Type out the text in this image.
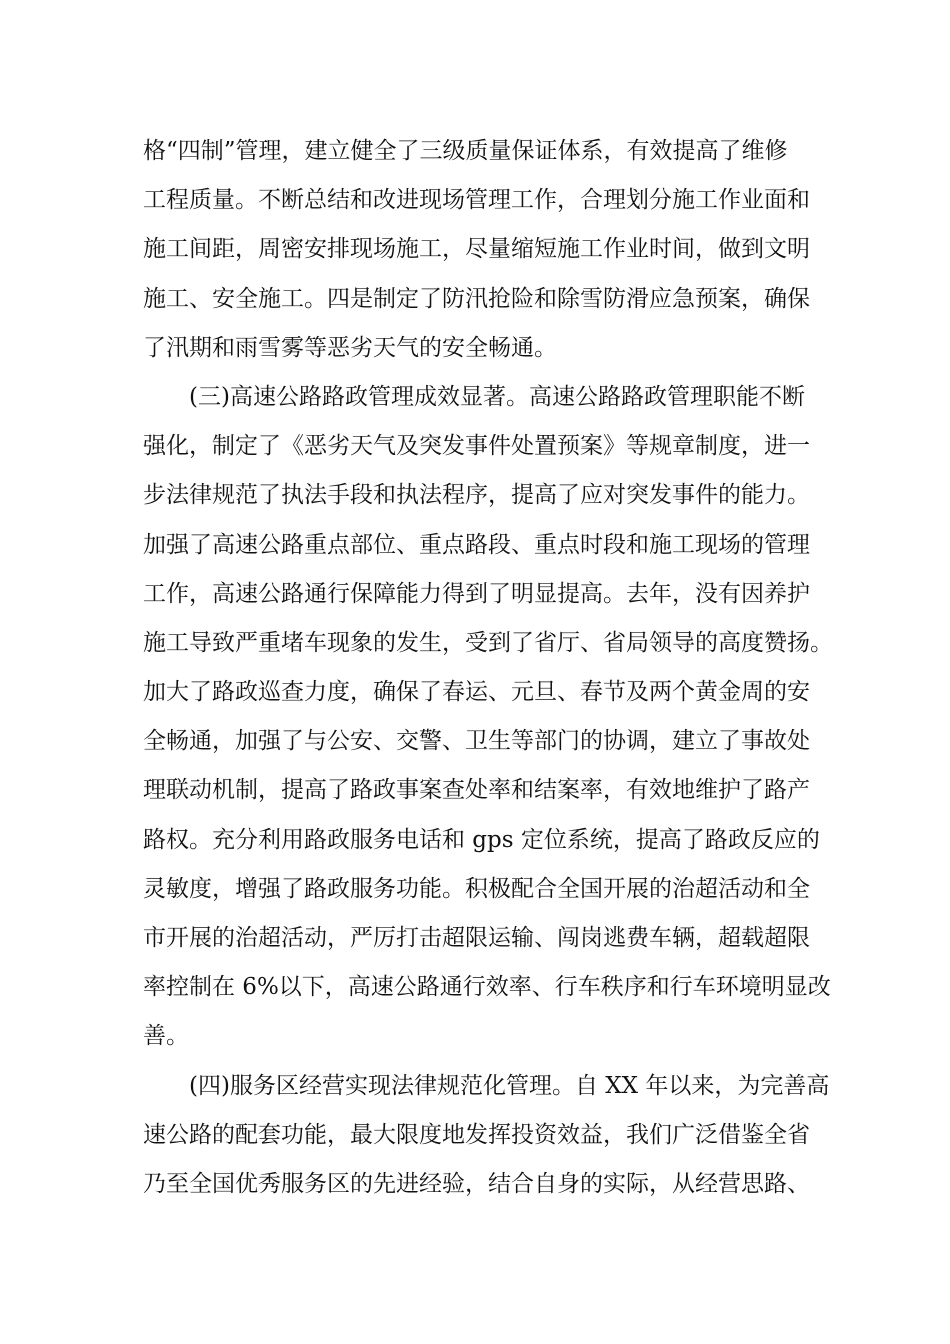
格“四制”管理，建立健全了三级质量保证体系，有效提高了维修
工程质量。不断总结和改进现场管理工作，合理划分施工作业面和
施工间距，周密安排现场施工，尽量缩短施工作业时间，做到文明
施工、安全施工。四是制定了防汛抢险和除雪防滑应急预案，确保
了汛期和雨雪雾等恶劣天气的安全畅通。
(三)高速公路路政管理成效显著。高速公路路政管理职能不断
强化，制定了《恶劣天气及突发事件处置预案》等规章制度，进一
步法律规范了执法手段和执法程序，提高了应对突发事件的能力。
加强了高速公路重点部位、重点路段、重点时段和施工现场的管理
工作，高速公路通行保障能力得到了明显提高。去年，没有因养护
施工导致严重堵车现象的发生，受到了省厅、省局领导的高度赞扬。
加大了路政巡查力度，确保了春运、元旦、春节及两个黄金周的安
全畅通，加强了与公安、交警、卫生等部门的协调，建立了事故处
理联动机制，提高了路政事案查处率和结案率，有效地维护了路产
路权。充分利用路政服务电话和 gps 定位系统，提高了路政反应的
灵敏度，增强了路政服务功能。积极配合全国开展的治超活动和全
市开展的治超活动，严厉打击超限运输、闯岗逃费车辆，超载超限
率控制在 6%以下，高速公路通行效率、行车秩序和行车环境明显改
善。
(四)服务区经营实现法律规范化管理。自 XX 年以来，为完善高
速公路的配套功能，最大限度地发挥投资效益，我们广泛借鉴全省
乃至全国优秀服务区的先进经验，结合自身的实际，从经营思路、
